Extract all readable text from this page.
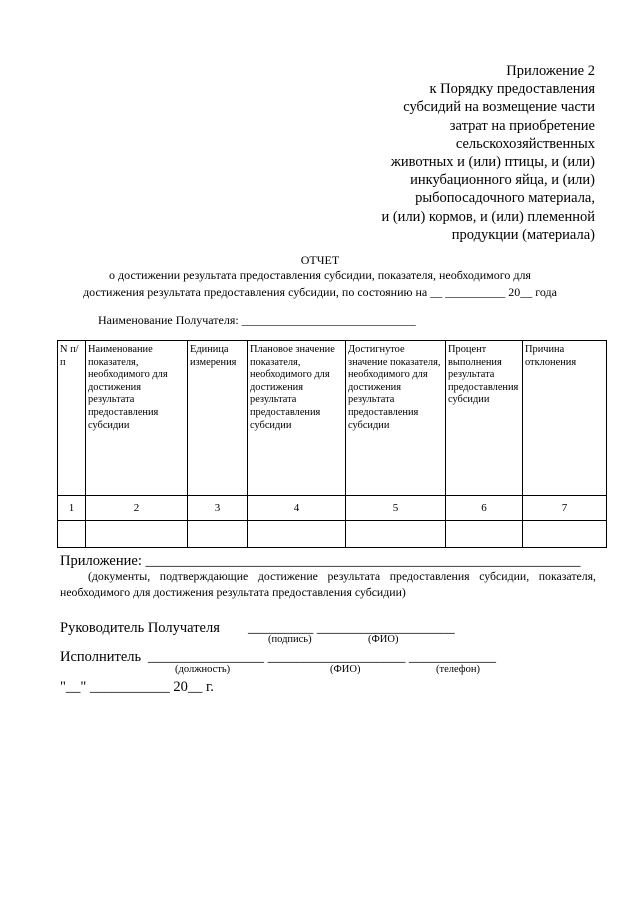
Приложение 2
к Порядку предоставления
субсидий на возмещение части
затрат на приобретение
сельскохозяйственных
животных и (или) птицы, и (или)
инкубационного яйца, и (или)
рыбопосадочного материала,
и (или) кормов, и (или) племенной
продукции (материала)
ОТЧЕТ
о достижении результата предоставления субсидии, показателя, необходимого для
достижения результата предоставления субсидии, по состоянию на __ __________ 20__ года
Наименование Получателя: _____________________________
N п/п	Наименование показателя, необходимого для достижения результата предоставления субсидии	Единица измерения	Плановое значение показателя, необходимого для достижения результата предоставления субсидии	Достигнутое значение показателя, необходимого для достижения результата предоставления субсидии	Процент выполнения результата предоставления субсидии	Причина отклонения
1	2	3	4	5	6	7

Приложение: ____________________________________________________________
(документы, подтверждающие достижение результата предоставления субсидии, показателя, необходимого для достижения результата предоставления субсидии)
Руководитель Получателя _________ ___________________
(подпись)	(ФИО)
Исполнитель ________________ ___________________ ____________
(должность)	(ФИО)	(телефон)
"__" ___________ 20__ г.
